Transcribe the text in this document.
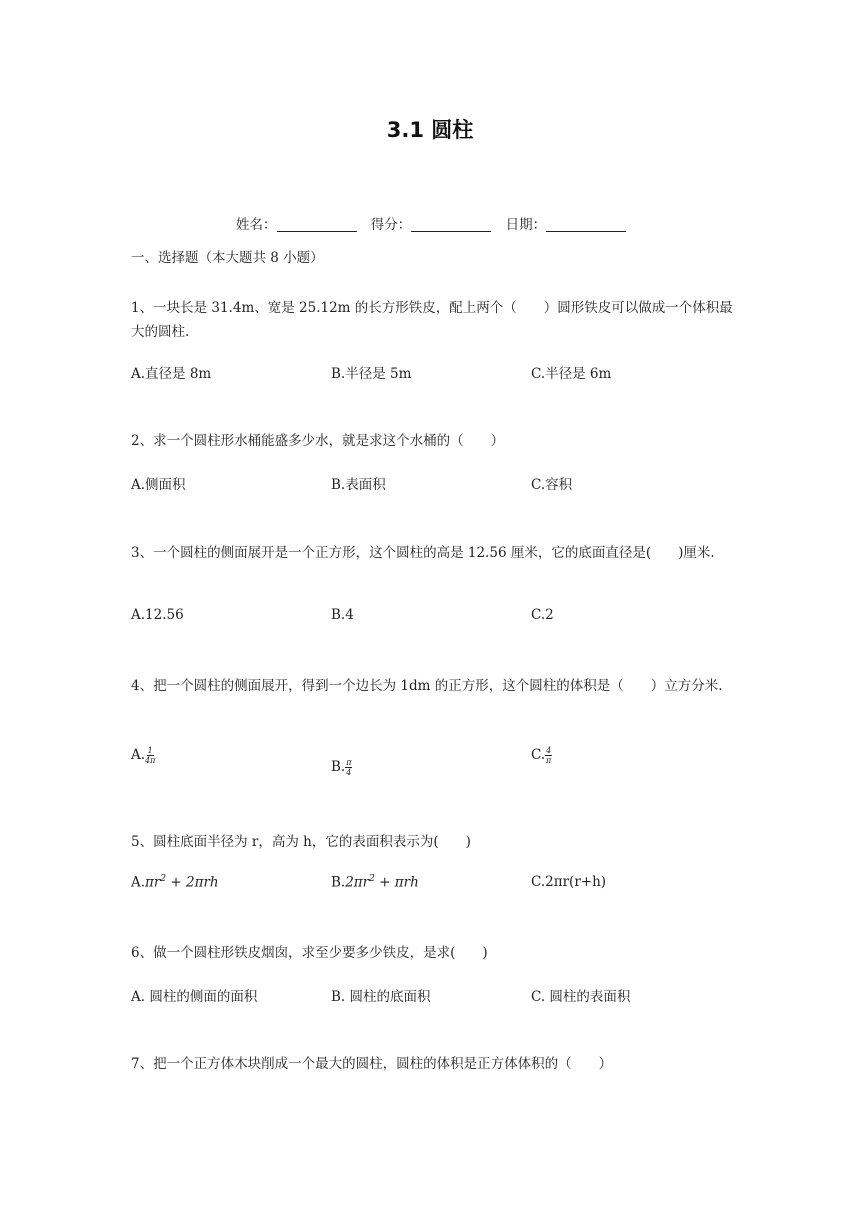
3.1 圆柱
姓名：	得分：	日期：
一、选择题（本大题共 8 小题）
1、一块长是 31.4m、宽是 25.12m 的长方形铁皮，配上两个（　　）圆形铁皮可以做成一个体积最大的圆柱.
A.直径是 8m	B.半径是 5m	C.半径是 6m
2、求一个圆柱形水桶能盛多少水，就是求这个水桶的（　　）
A.侧面积	B.表面积	C.容积
3、一个圆柱的侧面展开是一个正方形，这个圆柱的高是 12.56 厘米，它的底面直径是(　　)厘米.
A.12.56	B.4	C.2
4、把一个圆柱的侧面展开，得到一个边长为 1dm 的正方形，这个圆柱的体积是（　　）立方分米.
A. $\frac{1}{4\pi}$
B. $\frac{\pi}{4}$
C. $\frac{4}{\pi}$
5、圆柱底面半径为 r，高为 h，它的表面积表示为(　　)
$A.\pi r^2 + 2\pi rh$	$B.2\pi r^2 + \pi rh$	C.2πr(r+h)
6、做一个圆柱形铁皮烟囱，求至少要多少铁皮，是求(　　)
A. 圆柱的侧面的面积	B. 圆柱的底面积	C. 圆柱的表面积
7、把一个正方体木块削成一个最大的圆柱，圆柱的体积是正方体体积的（　　）
